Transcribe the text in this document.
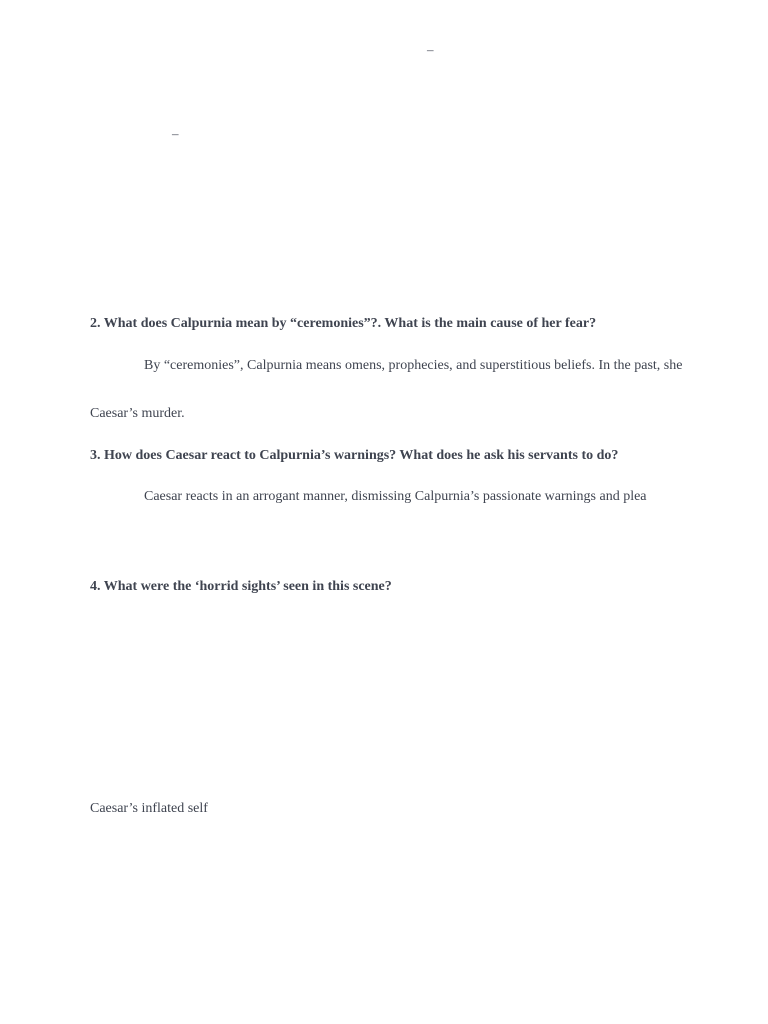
–
–
2. What does Calpurnia mean by “ceremonies”?. What is the main cause of her fear?
By “ceremonies”, Calpurnia means omens, prophecies, and superstitious beliefs. In the past, she
Caesar’s murder.
3. How does Caesar react to Calpurnia’s warnings? What does he ask his servants to do?
Caesar reacts in an arrogant manner, dismissing Calpurnia’s passionate warnings and plea
4. What were the ‘horrid sights’ seen in this scene?
Caesar’s inflated self
